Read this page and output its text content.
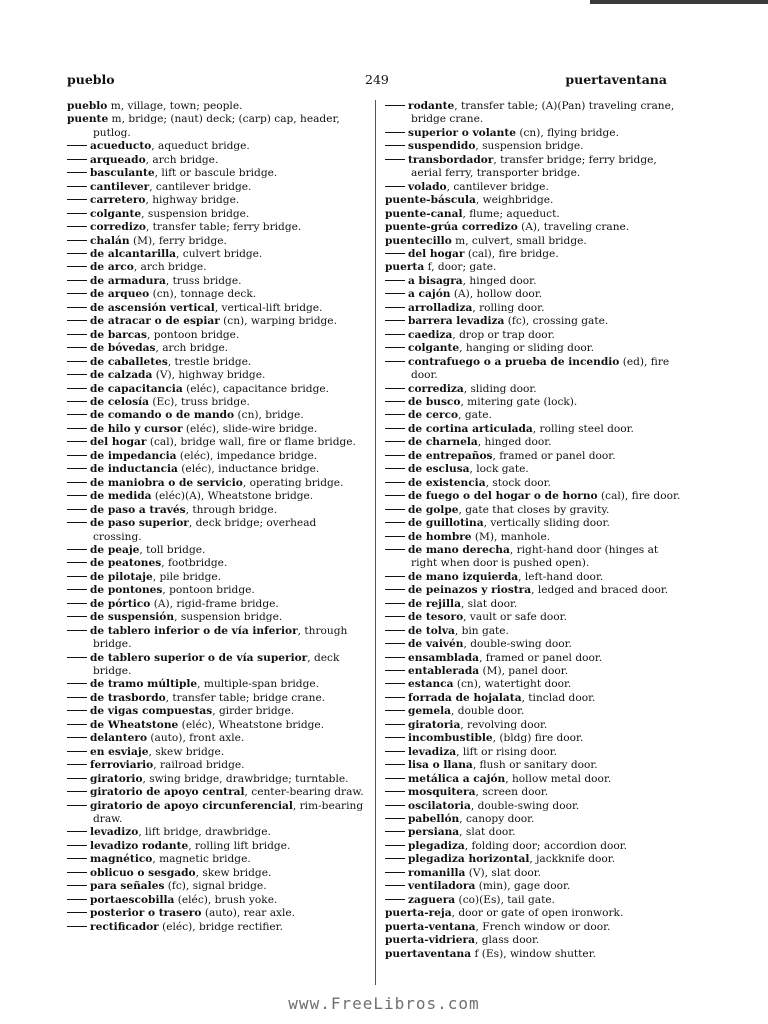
pueblo	249	puertaventana
pueblo m, village, town; people.
puente m, bridge; (naut) deck; (carp) cap, header, putlog.
acueducto, aqueduct bridge.
arqueado, arch bridge.
basculante, lift or bascule bridge.
cantilever, cantilever bridge.
carretero, highway bridge.
colgante, suspension bridge.
corredizo, transfer table; ferry bridge.
chalán (M), ferry bridge.
de alcantarilla, culvert bridge.
de arco, arch bridge.
de armadura, truss bridge.
de arqueo (cn), tonnage deck.
de ascensión vertical, vertical-lift bridge.
de atracar o de espiar (cn), warping bridge.
de barcas, pontoon bridge.
de bóvedas, arch bridge.
de caballetes, trestle bridge.
de calzada (V), highway bridge.
de capacitancia (eléc), capacitance bridge.
de celosía (Ec), truss bridge.
de comando o de mando (cn), bridge.
de hilo y cursor (eléc), slide-wire bridge.
del hogar (cal), bridge wall, fire or flame bridge.
de impedancia (eléc), impedance bridge.
de inductancia (eléc), inductance bridge.
de maniobra o de servicio, operating bridge.
de medida (eléc)(A), Wheatstone bridge.
de paso a través, through bridge.
de paso superior, deck bridge; overhead crossing.
de peaje, toll bridge.
de peatones, footbridge.
de pilotaje, pile bridge.
de pontones, pontoon bridge.
de pórtico (A), rigid-frame bridge.
de suspensión, suspension bridge.
de tablero inferior o de vía inferior, through bridge.
de tablero superior o de vía superior, deck bridge.
de tramo múltiple, multiple-span bridge.
de trasbordo, transfer table; bridge crane.
de vigas compuestas, girder bridge.
de Wheatstone (eléc), Wheatstone bridge.
delantero (auto), front axle.
en esviaje, skew bridge.
ferroviario, railroad bridge.
giratorio, swing bridge, drawbridge; turntable.
giratorio de apoyo central, center-bearing draw.
giratorio de apoyo circunferencial, rim-bearing draw.
levadizo, lift bridge, drawbridge.
levadizo rodante, rolling lift bridge.
magnético, magnetic bridge.
oblicuo o sesgado, skew bridge.
para señales (fc), signal bridge.
portaescobilla (eléc), brush yoke.
posterior o trasero (auto), rear axle.
rectificador (eléc), bridge rectifier.
rodante, transfer table; (A)(Pan) traveling crane, bridge crane.
superior o volante (cn), flying bridge.
suspendido, suspension bridge.
transbordador, transfer bridge; ferry bridge, aerial ferry, transporter bridge.
volado, cantilever bridge.
puente-báscula, weighbridge.
puente-canal, flume; aqueduct.
puente-grúa corredizo (A), traveling crane.
puentecillo m, culvert, small bridge.
del hogar (cal), fire bridge.
puerta f, door; gate.
a bisagra, hinged door.
a cajón (A), hollow door.
arrolladiza, rolling door.
barrera levadiza (fc), crossing gate.
caediza, drop or trap door.
colgante, hanging or sliding door.
contrafuego o a prueba de incendio (ed), fire door.
corrediza, sliding door.
de busco, mitering gate (lock).
de cerco, gate.
de cortina articulada, rolling steel door.
de charnela, hinged door.
de entrepaños, framed or panel door.
de esclusa, lock gate.
de existencia, stock door.
de fuego o del hogar o de horno (cal), fire door.
de golpe, gate that closes by gravity.
de guillotina, vertically sliding door.
de hombre (M), manhole.
de mano derecha, right-hand door (hinges at right when door is pushed open).
de mano izquierda, left-hand door.
de peinazos y riostra, ledged and braced door.
de rejilla, slat door.
de tesoro, vault or safe door.
de tolva, bin gate.
de vaivén, double-swing door.
ensamblada, framed or panel door.
entablerada (M), panel door.
estanca (cn), watertight door.
forrada de hojalata, tinclad door.
gemela, double door.
giratoria, revolving door.
incombustible, (bldg) fire door.
levadiza, lift or rising door.
lisa o llana, flush or sanitary door.
metálica a cajón, hollow metal door.
mosquitera, screen door.
oscilatoria, double-swing door.
pabellón, canopy door.
persiana, slat door.
plegadiza, folding door; accordion door.
plegadiza horizontal, jackknife door.
romanilla (V), slat door.
ventiladora (min), gage door.
zaguera (co)(Es), tail gate.
puerta-reja, door or gate of open ironwork.
puerta-ventana, French window or door.
puerta-vidriera, glass door.
puertaventana f (Es), window shutter.
www.FreeLibros.com
